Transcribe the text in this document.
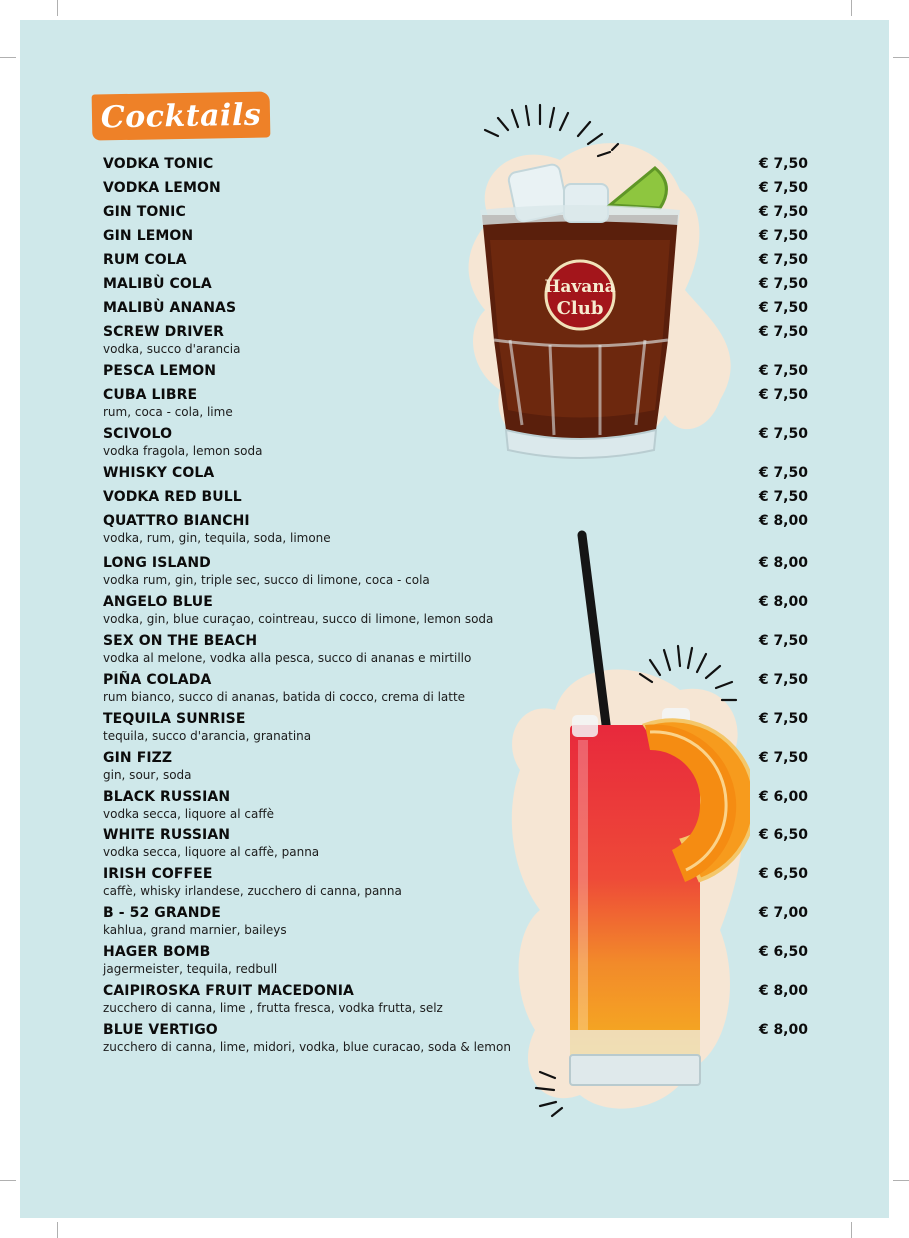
Havana
Club
Cocktails
VODKA TONIC	€ 7,50
VODKA LEMON	€ 7,50
GIN TONIC	€ 7,50
GIN LEMON	€ 7,50
RUM COLA	€ 7,50
MALIBÙ COLA	€ 7,50
MALIBÙ ANANAS	€ 7,50
SCREW DRIVER
vodka, succo d'arancia
€ 7,50
PESCA LEMON	€ 7,50
CUBA LIBRE
rum, coca - cola, lime
€ 7,50
SCIVOLO
vodka fragola, lemon soda
€ 7,50
WHISKY COLA	€ 7,50
VODKA RED BULL	€ 7,50
QUATTRO BIANCHI
vodka, rum, gin, tequila, soda, limone
€ 8,00
LONG ISLAND
vodka rum, gin, triple sec, succo di limone, coca - cola
€ 8,00
ANGELO BLUE
vodka, gin, blue curaçao, cointreau, succo di limone, lemon soda
€ 8,00
SEX ON THE BEACH
vodka al melone, vodka alla pesca, succo di ananas e mirtillo
€ 7,50
PIÑA COLADA
rum bianco, succo di ananas, batida di cocco, crema di latte
€ 7,50
TEQUILA SUNRISE
tequila, succo d'arancia, granatina
€ 7,50
GIN FIZZ
gin, sour, soda
€ 7,50
BLACK RUSSIAN
vodka secca, liquore al caffè
€ 6,00
WHITE RUSSIAN
vodka secca, liquore al caffè, panna
€ 6,50
IRISH COFFEE
caffè, whisky irlandese, zucchero di canna, panna
€ 6,50
B - 52 GRANDE
kahlua, grand marnier, baileys
€ 7,00
HAGER BOMB
jagermeister, tequila, redbull
€ 6,50
CAIPIROSKA FRUIT MACEDONIA
zucchero di canna, lime , frutta fresca, vodka frutta, selz
€ 8,00
BLUE VERTIGO
zucchero di canna, lime, midori, vodka, blue curacao, soda & lemon
€ 8,00
